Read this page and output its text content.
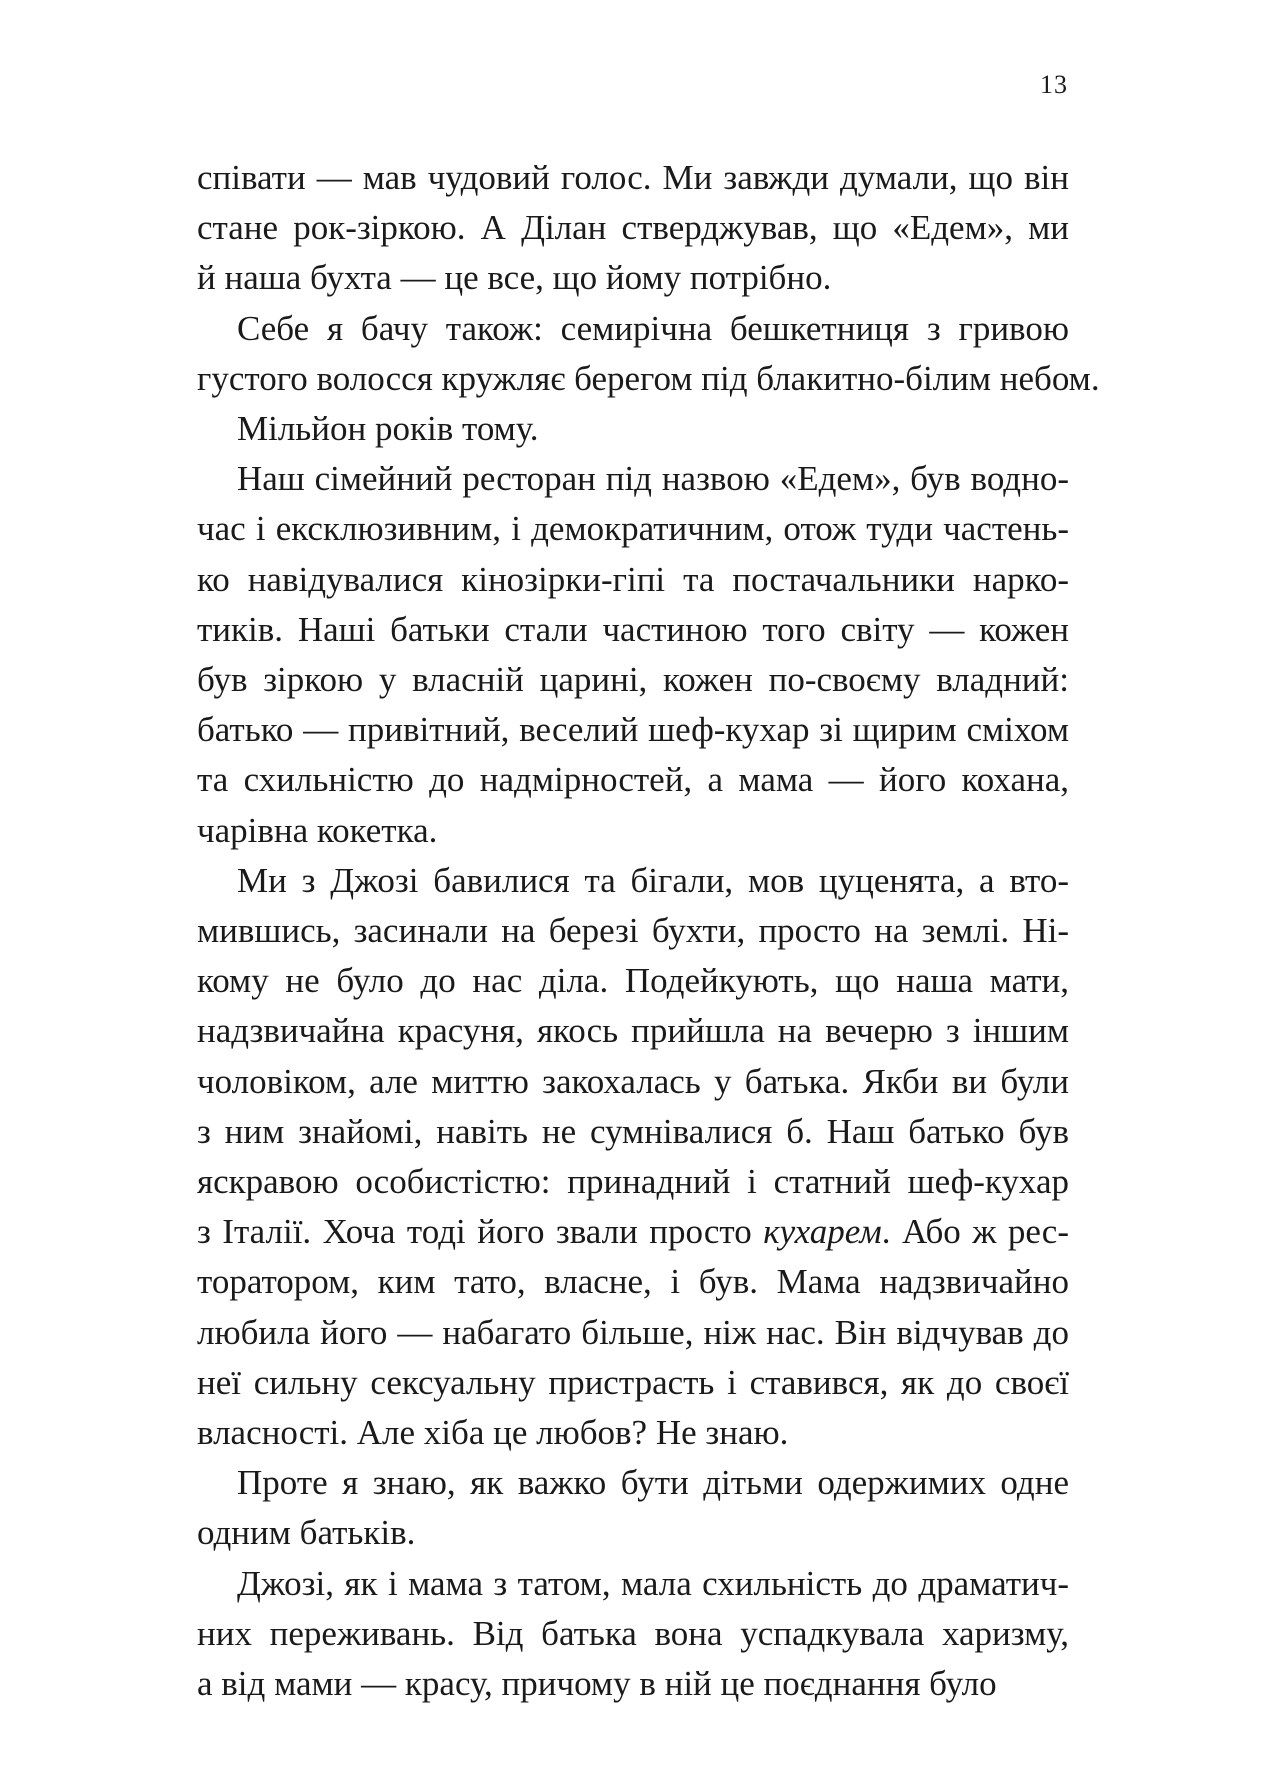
13
співати — мав чудовий голос. Ми завжди думали, що він
стане рок-зіркою. А Ділан стверджував, що «Едем», ми
й наша бухта — це все, що йому потрібно.
Себе я бачу також: семирічна бешкетниця з гривою
густого волосся кружляє берегом під блакитно-білим небом.
Мільйон років тому.
Наш сімейний ресторан під назвою «Едем», був водно-
час і ексклюзивним, і демократичним, отож туди частень-
ко навідувалися кінозірки-гіпі та постачальники нарко-
тиків. Наші батьки стали частиною того світу — кожен
був зіркою у власній царині, кожен по-своєму владний:
батько — привітний, веселий шеф-кухар зі щирим сміхом
та схильністю до надмірностей, а мама — його кохана,
чарівна кокетка.
Ми з Джозі бавилися та бігали, мов цуценята, а вто-
мившись, засинали на березі бухти, просто на землі. Ні-
кому не було до нас діла. Подейкують, що наша мати,
надзвичайна красуня, якось прийшла на вечерю з іншим
чоловіком, але миттю закохалась у батька. Якби ви були
з ним знайомі, навіть не сумнівалися б. Наш батько був
яскравою особистістю: принадний і статний шеф-кухар
з Італії. Хоча тоді його звали просто кухарем. Або ж рес-
торатором, ким тато, власне, і був. Мама надзвичайно
любила його — набагато більше, ніж нас. Він відчував до
неї сильну сексуальну пристрасть і ставився, як до своєї
власності. Але хіба це любов? Не знаю.
Проте я знаю, як важко бути дітьми одержимих одне
одним батьків.
Джозі, як і мама з татом, мала схильність до драматич-
них переживань. Від батька вона успадкувала харизму,
а від мами — красу, причому в ній це поєднання було
